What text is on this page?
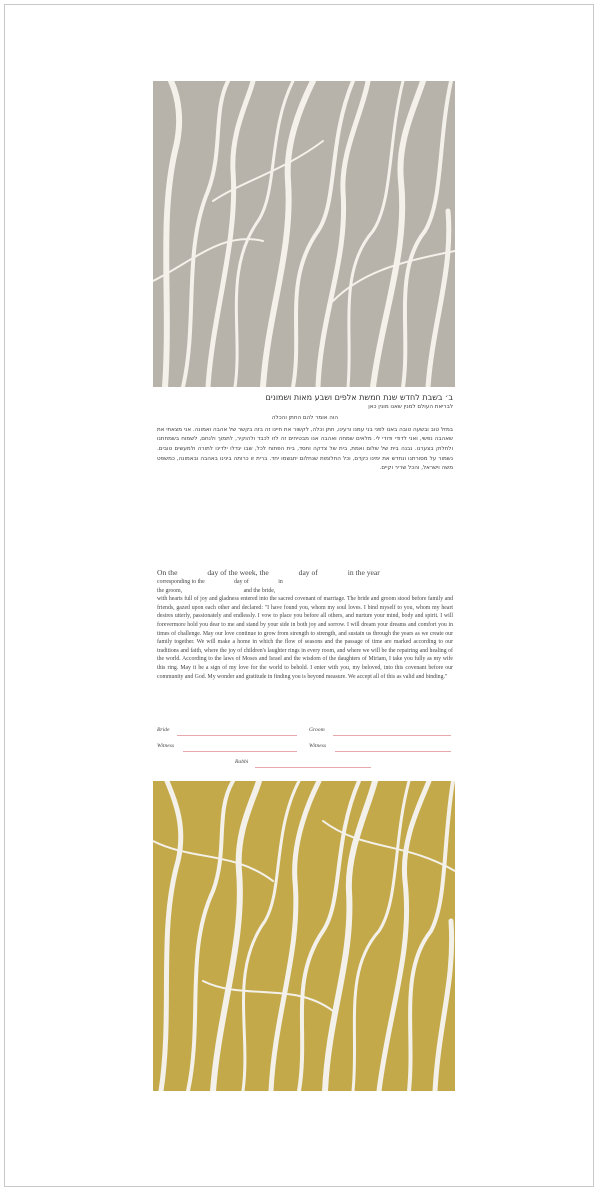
ב׳ בשבת לחדש שנת חמשת אלפים ושבע מאות ושמונים

לבריאת העולם למנין שאנו מונין כאן

הוה אומר להם החתן והכלה

במזל טוב ובשעה טובה באנו לפני בני עמנו ורעינו, חתן וכלה, לקשור את חיינו זה בזה בקשר של אהבה ואמונה. אני מצאתי את שאהבה נפשי, ואני לדודי ודודי לי. מלאים שמחה ואהבה אנו מבטיחים זה לזו לכבד ולהוקיר, לתמוך ולנחם, לשמוח בשמחתנו ולחלוק בצערנו. נבנה בית של שלום ואמת, בית של צדקה וחסד, בית הפתוח לכל, שבו יגדלו ילדינו לתורה ולמעשים טובים. נשמור על מסורתנו ונחדש את ימינו כקדם, וכל החלומות שנחלום יתגשמו יחד. ברית זו כרותה בינינו באהבה ובאמונה, כמשפט משה וישראל, והכל שריר וקיים.

On the	day of the week, the	day of	in the year

corresponding to the	day of	in

the groom,	and the bride,

with hearts full of joy and gladness entered into the sacred covenant of marriage. The bride and groom stood before family and friends, gazed upon each other and declared: "I have found you, whom my soul loves. I bind myself to you, whom my heart desires utterly, passionately and endlessly. I vow to place you before all others, and nurture your mind, body and spirit. I will forevermore hold you dear to me and stand by your side in both joy and sorrow. I will dream your dreams and comfort you in times of challenge. May our love continue to grow from strength to strength, and sustain us through the years as we create our family together. We will make a home in which the flow of seasons and the passage of time are marked according to our traditions and faith, where the joy of children's laughter rings in every room, and where we will be the repairing and healing of the world. According to the laws of Moses and Israel and the wisdom of the daughters of Miriam, I take you fully as my wife this ring. May it be a sign of my love for the world to behold. I enter with you, my beloved, into this covenant before our community and God. My wonder and gratitude in finding you is beyond measure. We accept all of this as valid and binding."

Bride	Groom
Witness	Witness
Rabbi
